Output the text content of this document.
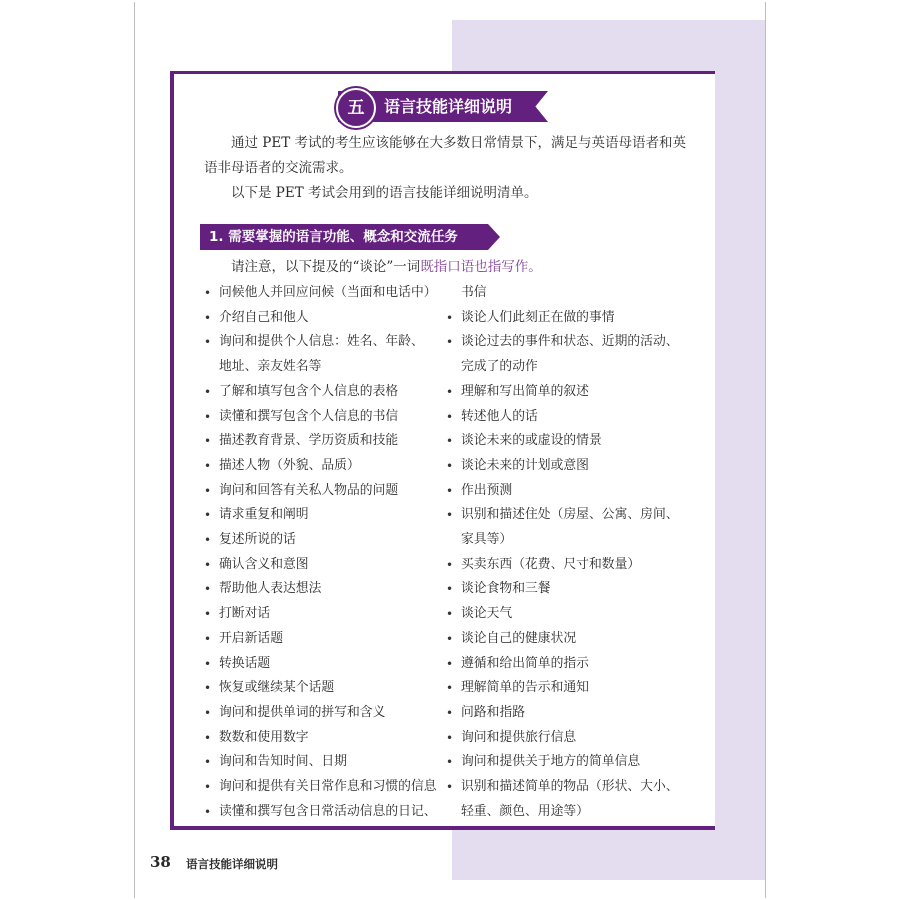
五	语言技能详细说明

通过 PET 考试的考生应该能够在大多数日常情景下，满足与英语母语者和英语非母语者的交流需求。

以下是 PET 考试会用到的语言技能详细说明清单。

1. 需要掌握的语言功能、概念和交流任务
请注意，以下提及的“谈论”一词既指口语也指写作。
• 问候他人并回应问候（当面和电话中）
• 介绍自己和他人
• 询问和提供个人信息：姓名、年龄、
地址、亲友姓名等
• 了解和填写包含个人信息的表格
• 读懂和撰写包含个人信息的书信
• 描述教育背景、学历资质和技能
• 描述人物（外貌、品质）
• 询问和回答有关私人物品的问题
• 请求重复和阐明
• 复述所说的话
• 确认含义和意图
• 帮助他人表达想法
• 打断对话
• 开启新话题
• 转换话题
• 恢复或继续某个话题
• 询问和提供单词的拼写和含义
• 数数和使用数字
• 询问和告知时间、日期
• 询问和提供有关日常作息和习惯的信息
• 读懂和撰写包含日常活动信息的日记、
书信
• 谈论人们此刻正在做的事情
• 谈论过去的事件和状态、近期的活动、
完成了的动作
• 理解和写出简单的叙述
• 转述他人的话
• 谈论未来的或虚设的情景
• 谈论未来的计划或意图
• 作出预测
• 识别和描述住处（房屋、公寓、房间、
家具等）
• 买卖东西（花费、尺寸和数量）
• 谈论食物和三餐
• 谈论天气
• 谈论自己的健康状况
• 遵循和给出简单的指示
• 理解简单的告示和通知
• 问路和指路
• 询问和提供旅行信息
• 询问和提供关于地方的简单信息
• 识别和描述简单的物品（形状、大小、
轻重、颜色、用途等）
38 语言技能详细说明
